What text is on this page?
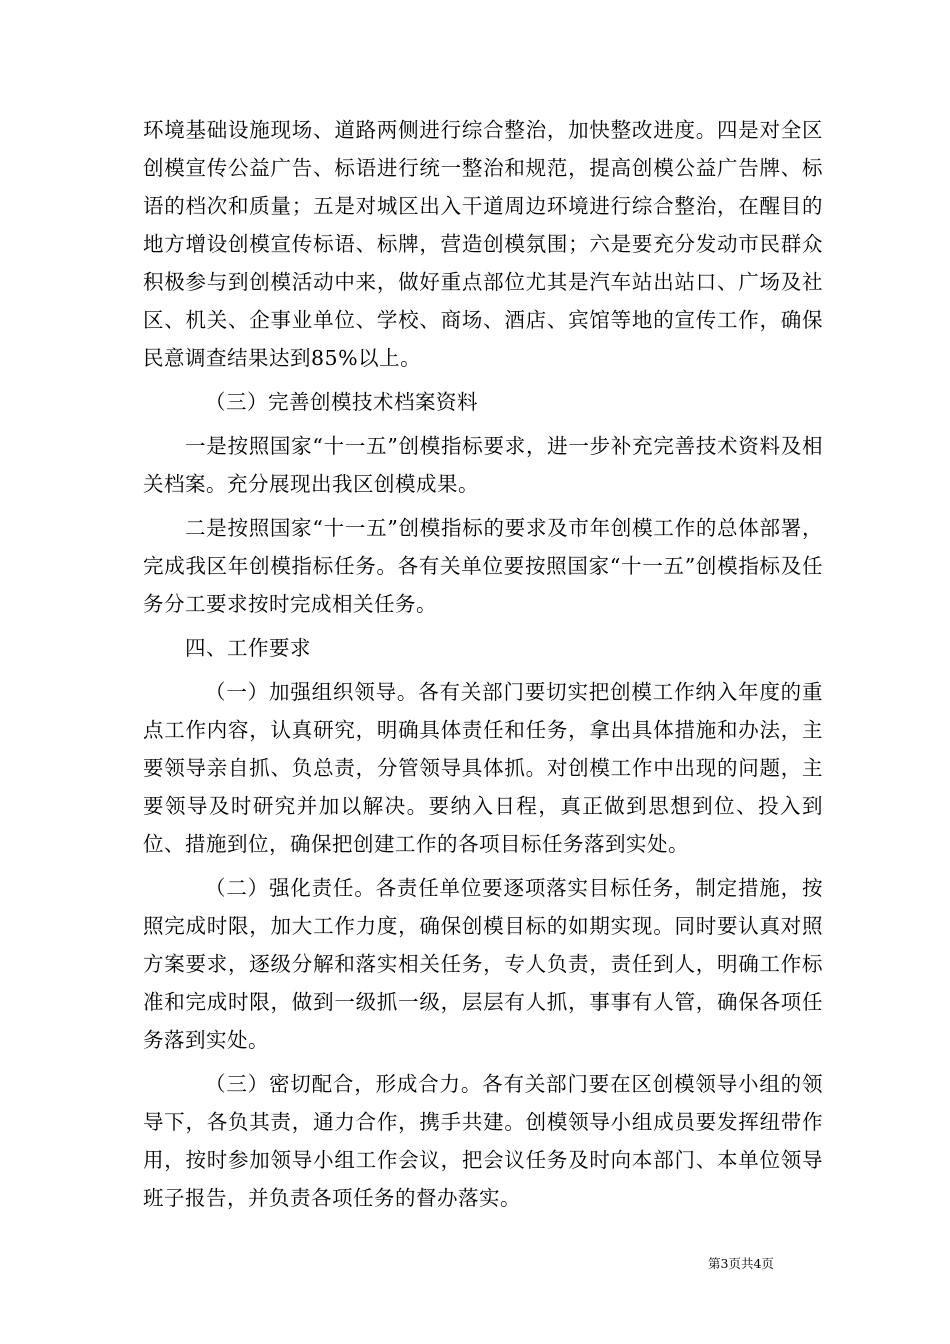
环境基础设施现场、道路两侧进行综合整治，加快整改进度。四是对全区创模宣传公益广告、标语进行统一整治和规范，提高创模公益广告牌、标语的档次和质量；五是对城区出入干道周边环境进行综合整治，在醒目的地方增设创模宣传标语、标牌，营造创模氛围；六是要充分发动市民群众积极参与到创模活动中来，做好重点部位尤其是汽车站出站口、广场及社区、机关、企事业单位、学校、商场、酒店、宾馆等地的宣传工作，确保民意调查结果达到85%以上。

（三）完善创模技术档案资料

一是按照国家“十一五”创模指标要求，进一步补充完善技术资料及相关档案。充分展现出我区创模成果。

二是按照国家“十一五”创模指标的要求及市年创模工作的总体部署，完成我区年创模指标任务。各有关单位要按照国家“十一五”创模指标及任务分工要求按时完成相关任务。

四、工作要求

（一）加强组织领导。各有关部门要切实把创模工作纳入年度的重点工作内容，认真研究，明确具体责任和任务，拿出具体措施和办法，主要领导亲自抓、负总责，分管领导具体抓。对创模工作中出现的问题，主要领导及时研究并加以解决。要纳入日程，真正做到思想到位、投入到位、措施到位，确保把创建工作的各项目标任务落到实处。

（二）强化责任。各责任单位要逐项落实目标任务，制定措施，按照完成时限，加大工作力度，确保创模目标的如期实现。同时要认真对照方案要求，逐级分解和落实相关任务，专人负责，责任到人，明确工作标准和完成时限，做到一级抓一级，层层有人抓，事事有人管，确保各项任务落到实处。

（三）密切配合，形成合力。各有关部门要在区创模领导小组的领导下，各负其责，通力合作，携手共建。创模领导小组成员要发挥纽带作用，按时参加领导小组工作会议，把会议任务及时向本部门、本单位领导班子报告，并负责各项任务的督办落实。

第3页共4页
